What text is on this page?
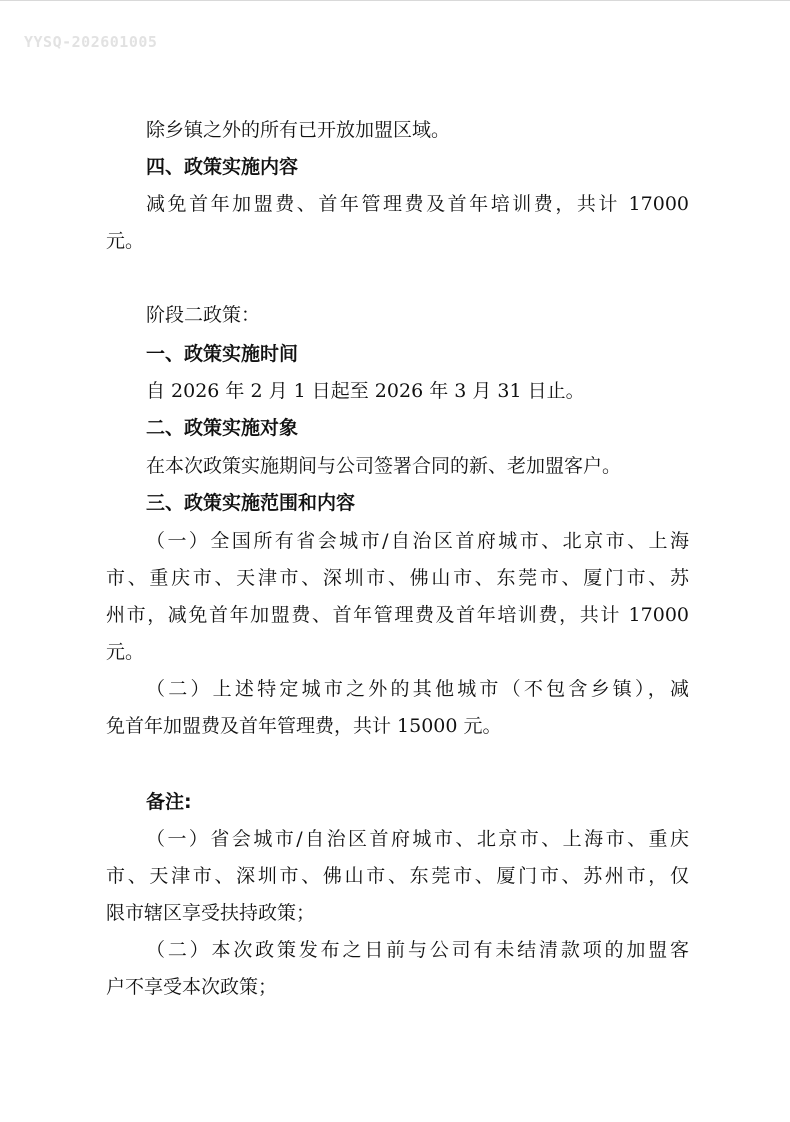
YYSQ-202601005

除乡镇之外的所有已开放加盟区域。

四、政策实施内容

减免首年加盟费、首年管理费及首年培训费，共计 17000
元。

阶段二政策：

一、政策实施时间

自 2026 年 2 月 1 日起至 2026 年 3 月 31 日止。

二、政策实施对象

在本次政策实施期间与公司签署合同的新、老加盟客户。

三、政策实施范围和内容

（一）全国所有省会城市/自治区首府城市、北京市、上海
市、重庆市、天津市、深圳市、佛山市、东莞市、厦门市、苏
州市，减免首年加盟费、首年管理费及首年培训费，共计 17000
元。
（二）上述特定城市之外的其他城市（不包含乡镇），减
免首年加盟费及首年管理费，共计 15000 元。

备注:

（一）省会城市/自治区首府城市、北京市、上海市、重庆
市、天津市、深圳市、佛山市、东莞市、厦门市、苏州市，仅
限市辖区享受扶持政策；
（二）本次政策发布之日前与公司有未结清款项的加盟客
户不享受本次政策；
